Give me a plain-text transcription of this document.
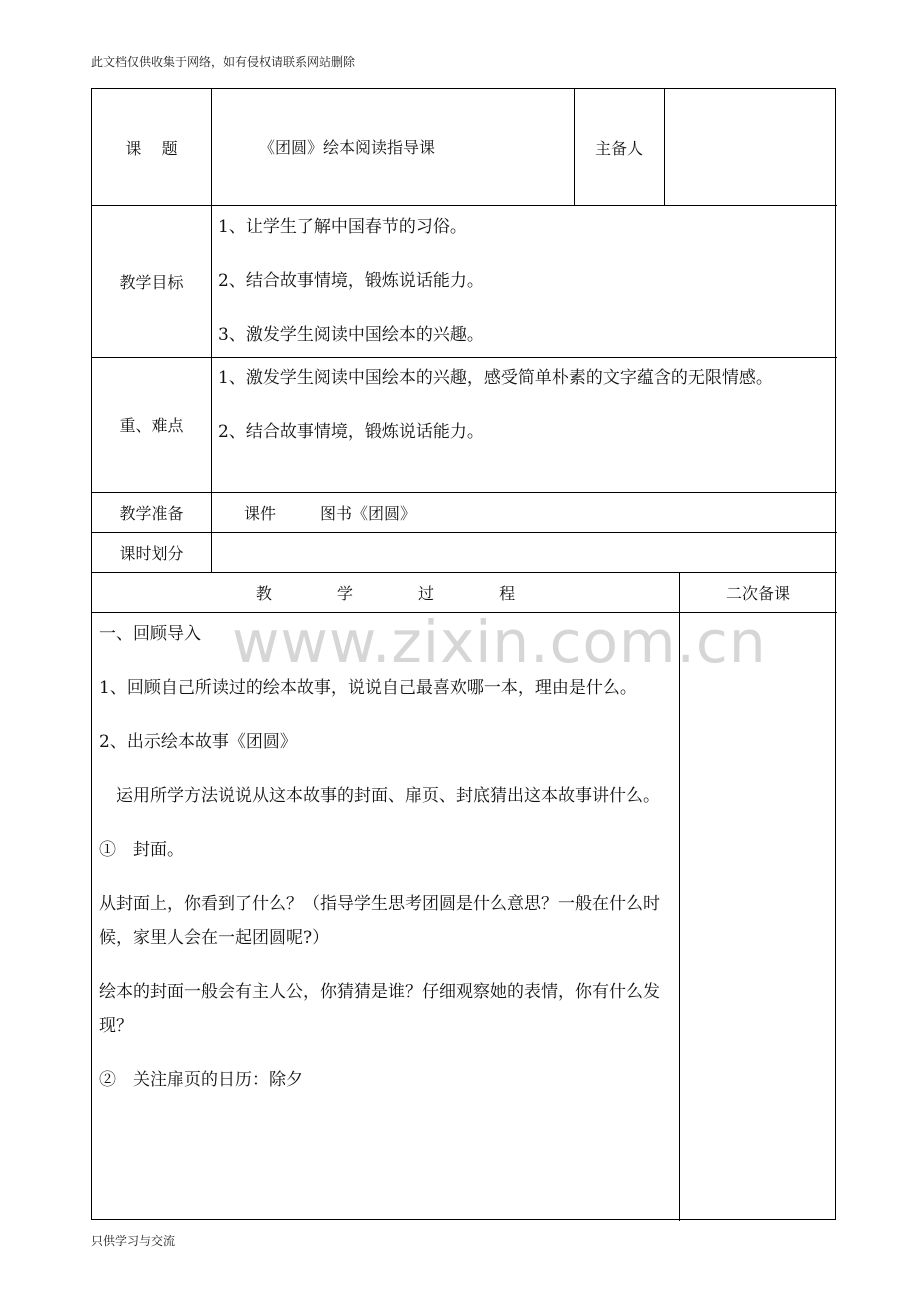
此文档仅供收集于网络，如有侵权请联系网站删除
课    题	《团圆》绘本阅读指导课	主备人
教学目标

1、让学生了解中国春节的习俗。

2、结合故事情境，锻炼说话能力。

3、激发学生阅读中国绘本的兴趣。

重、难点

1、激发学生阅读中国绘本的兴趣，感受简单朴素的文字蕴含的无限情感。

2、结合故事情境，锻炼说话能力。

教学准备	课件	图书《团圆》
课时划分
教 学 过 程	二次备课

一、回顾导入

1、回顾自己所读过的绘本故事，说说自己最喜欢哪一本，理由是什么。

2、出示绘本故事《团圆》

运用所学方法说说从这本故事的封面、扉页、封底猜出这本故事讲什么。

①　封面。

从封面上，你看到了什么？（指导学生思考团圆是什么意思？一般在什么时候，家里人会在一起团圆呢?）

绘本的封面一般会有主人公，你猜猜是谁？仔细观察她的表情，你有什么发现？

②　关注扉页的日历：除夕

www.zixin.com.cn
只供学习与交流
